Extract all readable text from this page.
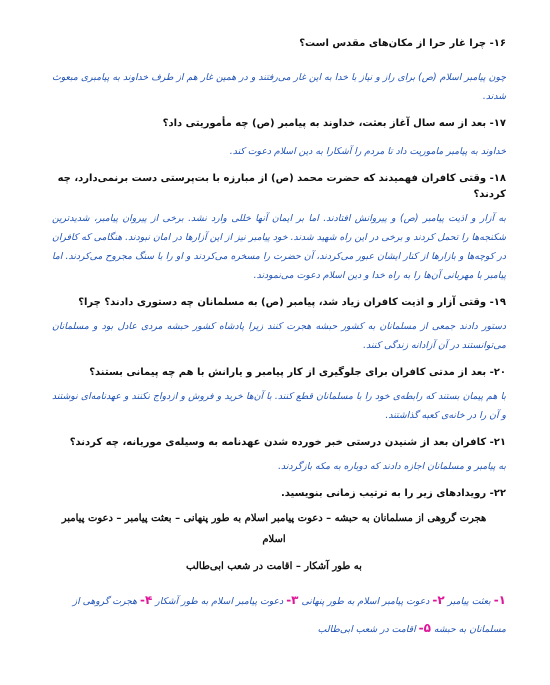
۱۶- چرا غار حرا از مکان‌های مقدس است؟

چون پیامبر اسلام (ص) برای راز و نیاز با خدا به این غار می‌رفتند و در همین غار هم از طرف خداوند به پیامبری مبعوث شدند.

۱۷- بعد از سه سال آغاز بعثت، خداوند به پیامبر (ص) چه مأموریتی داد؟

خداوند به پیامبر ماموریت داد تا مردم را آشکارا به دین اسلام دعوت کند.

۱۸- وقتی کافران فهمیدند که حضرت محمد (ص) از مبارزه با بت‌پرستی دست برنمی‌دارد، چه کردند؟

به آزار و اذیت پیامبر (ص) و پیروانش افتادند. اما بر ایمان آنها خللی وارد نشد. برخی از پیروان پیامبر، شدیدترین شکنجه‌ها را تحمل کردند و برخی در این راه شهید شدند. خود پیامبر نیز از این آزارها در امان نبودند. هنگامی که کافران در کوچه‌ها و بازارها از کنار ایشان عبور می‌کردند، آن حضرت را مسخره می‌کردند و او را با سنگ مجروح می‌کردند. اما پیامبر با مهربانی آن‌ها را به راه خدا و دین اسلام دعوت می‌نمودند.

۱۹- وقتی آزار و اذیت کافران زیاد شد، پیامبر (ص) به مسلمانان چه دستوری دادند؟ چرا؟

دستور دادند جمعی از مسلمانان به کشور حبشه هجرت کنند زیرا پادشاه کشور حبشه مردی عادل بود و مسلمانان می‌توانستند در آن آزادانه زندگی کنند.

۲۰- بعد از مدتی کافران برای جلوگیری از کار پیامبر و یارانش با هم چه پیمانی بستند؟

با هم پیمان بستند که رابطه‌ی خود را با مسلمانان قطع کنند. با آن‌ها خرید و فروش و ازدواج نکنند و عهدنامه‌ای نوشتند و آن را در خانه‌ی کعبه گذاشتند.

۲۱- کافران بعد از شنیدن درستی خبر خورده شدن عهدنامه به وسیله‌ی موریانه، چه کردند؟

به پیامبر و مسلمانان اجازه دادند که دوباره به مکه بازگردند.

۲۲- رویدادهای زیر را به ترتیب زمانی بنویسید.

هجرت گروهی از مسلمانان به حبشه – دعوت پیامبر اسلام به طور پنهانی – بعثت پیامبر – دعوت پیامبر اسلام

به طور آشکار – اقامت در شعب ابی‌طالب

۱- بعثت پیامبر ۲- دعوت پیامبر اسلام به طور پنهانی ۳- دعوت پیامبر اسلام به طور آشکار ۴- هجرت گروهی از مسلمانان به حبشه ۵- اقامت در شعب ابی‌طالب
